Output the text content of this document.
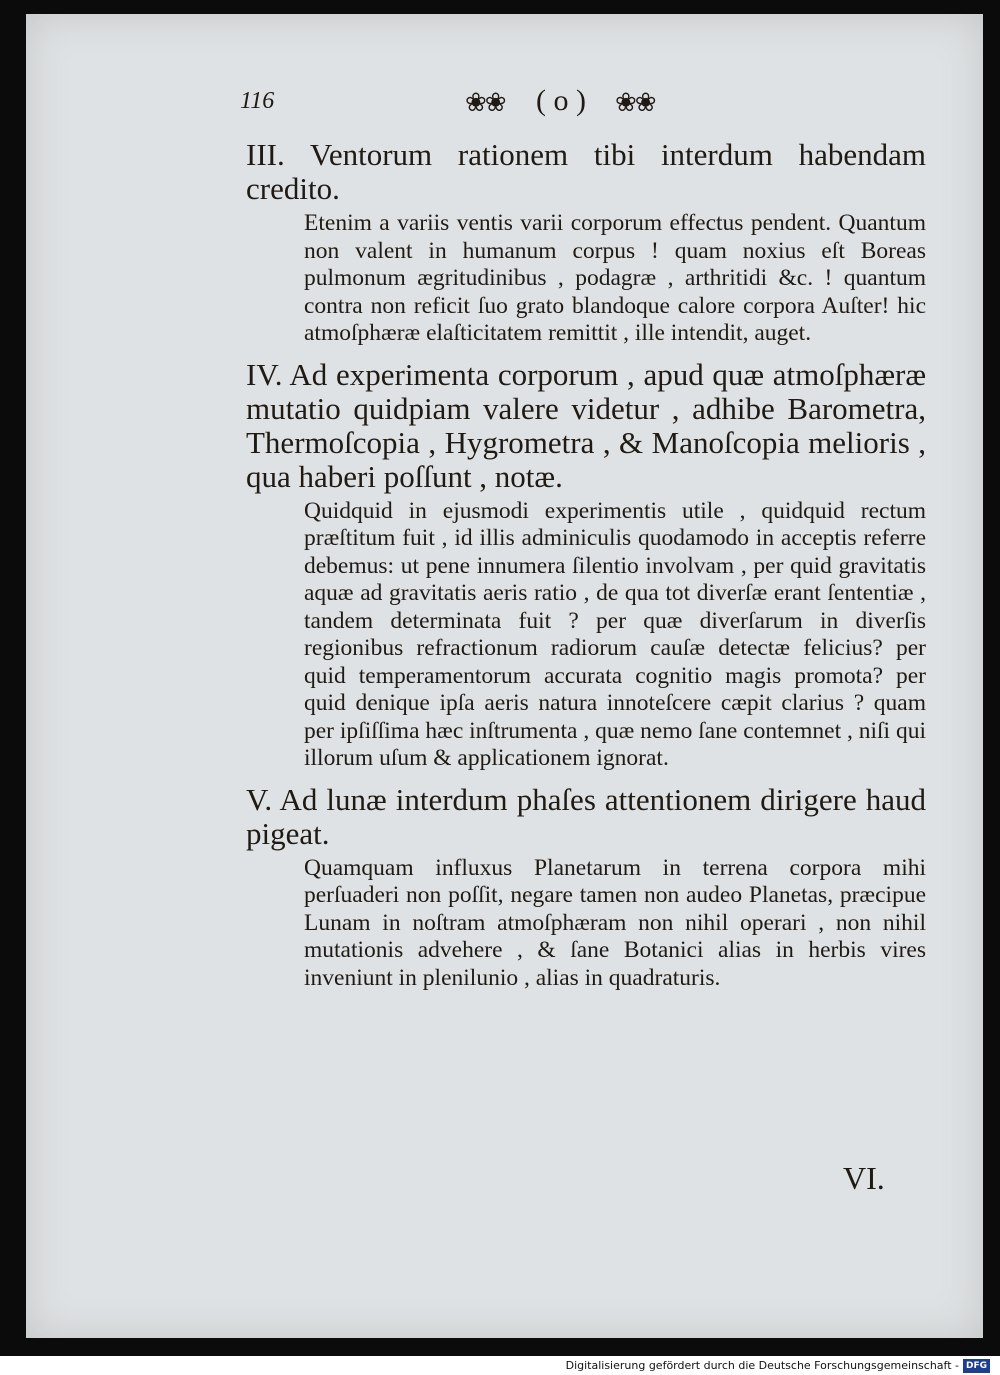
116	❀❀ ( o ) ❀❀

III. Ventorum rationem tibi interdum habendam credito.

Etenim a variis ventis varii corporum effectus pendent. Quantum non valent in humanum corpus ! quam noxius eſt Boreas pulmonum ægritudinibus , podagræ , arthritidi &c. ! quantum contra non reficit ſuo grato blandoque calore corpora Auſter! hic atmoſphæræ elaſticitatem remittit , ille intendit, auget.

IV. Ad experimenta corporum , apud quæ atmoſphæræ mutatio quidpiam valere videtur , adhibe Barometra, Thermoſcopia , Hygrometra , & Manoſcopia melioris , qua haberi poſſunt , notæ.

Quidquid in ejusmodi experimentis utile , quidquid rectum præſtitum fuit , id illis adminiculis quodamodo in acceptis referre debemus: ut pene innumera ſilentio involvam , per quid gravitatis aquæ ad gravitatis aeris ratio , de qua tot diverſæ erant ſententiæ , tandem determinata fuit ? per quæ diverſarum in diverſis regionibus refractionum radiorum cauſæ detectæ felicius? per quid temperamentorum accurata cognitio magis promota? per quid denique ipſa aeris natura innoteſcere cæpit clarius ? quam per ipſiſſima hæc inſtrumenta , quæ nemo ſane contemnet , niſi qui illorum uſum & applicationem ignorat.

V. Ad lunæ interdum phaſes attentionem dirigere haud pigeat.

Quamquam influxus Planetarum in terrena corpora mihi perſuaderi non poſſit, negare tamen non audeo Planetas, præcipue Lunam in noſtram atmoſphæram non nihil operari , non nihil mutationis advehere , & ſane Botanici alias in herbis vires inveniunt in plenilunio , alias in quadraturis.

VI.
Digitalisierung gefördert durch die Deutsche Forschungsgemeinschaft - DFG
